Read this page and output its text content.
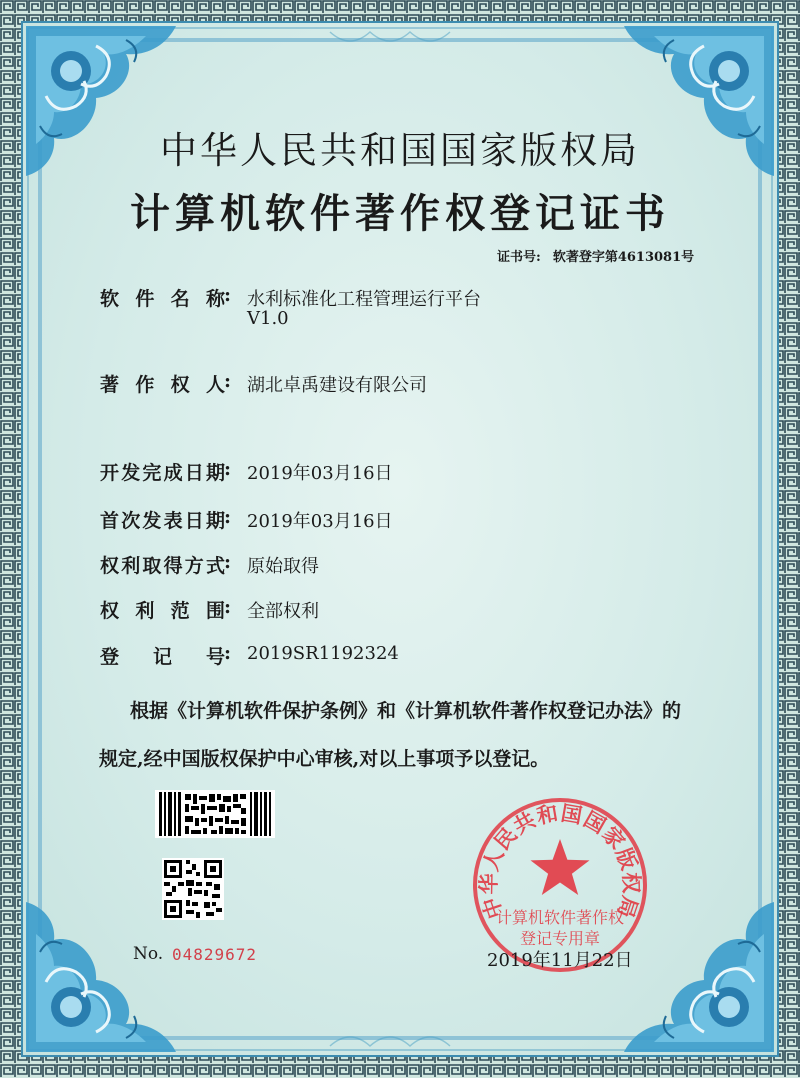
中华人民共和国国家版权局
计算机软件著作权登记证书
证书号: 软著登字第4613081号
软件名称 : 水利标准化工程管理运行平台
V1.0
著作权人 : 湖北卓禹建设有限公司
开发完成日期 : 2019年03月16日
首次发表日期 : 2019年03月16日
权利取得方式 : 原始取得
权利范围 : 全部权利
登记号 : 2019SR1192324
根据《计算机软件保护条例》和《计算机软件著作权登记办法》的
规定,经中国版权保护中心审核,对以上事项予以登记。
No. 04829672
中华人民共和国国家版权局
计算机软件著作权
登记专用章
2019年11月22日
